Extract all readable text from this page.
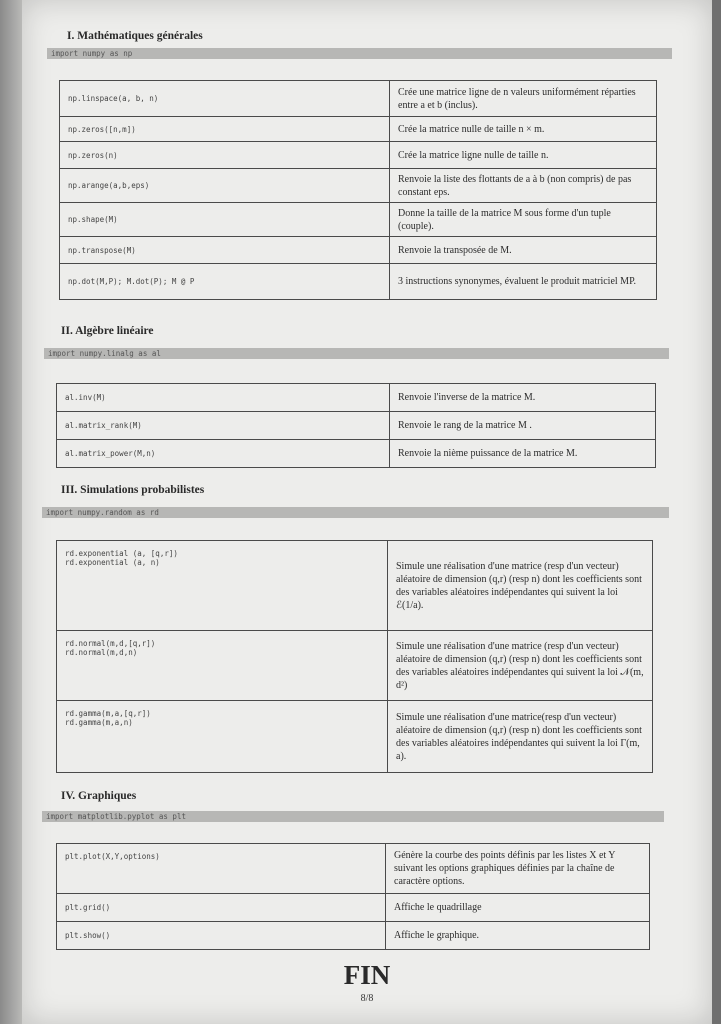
I. Mathématiques générales
import numpy as np
np.linspace(a, b, n)	Crée une matrice ligne de n valeurs uniformément réparties entre a et b (inclus).
np.zeros([n,m])	Crée la matrice nulle de taille n × m.
np.zeros(n)	Crée la matrice ligne nulle de taille n.
np.arange(a,b,eps)	Renvoie la liste des flottants de a à b (non compris) de pas constant eps.
np.shape(M)	Donne la taille de la matrice M sous forme d'un tuple (couple).
np.transpose(M)	Renvoie la transposée de M.
np.dot(M,P); M.dot(P); M @ P	3 instructions synonymes, évaluent le produit matriciel MP.
II. Algèbre linéaire
import numpy.linalg as al
al.inv(M)	Renvoie l'inverse de la matrice M.
al.matrix_rank(M)	Renvoie le rang de la matrice M .
al.matrix_power(M,n)	Renvoie la nième puissance de la matrice M.
III. Simulations probabilistes
import numpy.random as rd
rd.exponential (a, [q,r])
rd.exponential (a, n)	Simule une réalisation d'une matrice (resp d'un vecteur) aléatoire de dimension (q,r) (resp n) dont les coefficients sont des variables aléatoires indépendantes qui suivent la loi ℰ(1/a).
rd.normal(m,d,[q,r])
rd.normal(m,d,n)	Simule une réalisation d'une matrice (resp d'un vecteur) aléatoire de dimension (q,r) (resp n) dont les coefficients sont des variables aléatoires indépendantes qui suivent la loi 𝒩(m, d²)
rd.gamma(m,a,[q,r])
rd.gamma(m,a,n)	Simule une réalisation d'une matrice(resp d'un vecteur) aléatoire de dimension (q,r) (resp n) dont les coefficients sont des variables aléatoires indépendantes qui suivent la loi Γ(m, a).
IV. Graphiques
import matplotlib.pyplot as plt
plt.plot(X,Y,options)	Génère la courbe des points définis par les listes X et Y suivant les options graphiques définies par la chaîne de caractère options.
plt.grid()	Affiche le quadrillage
plt.show()	Affiche le graphique.
FIN
8/8
